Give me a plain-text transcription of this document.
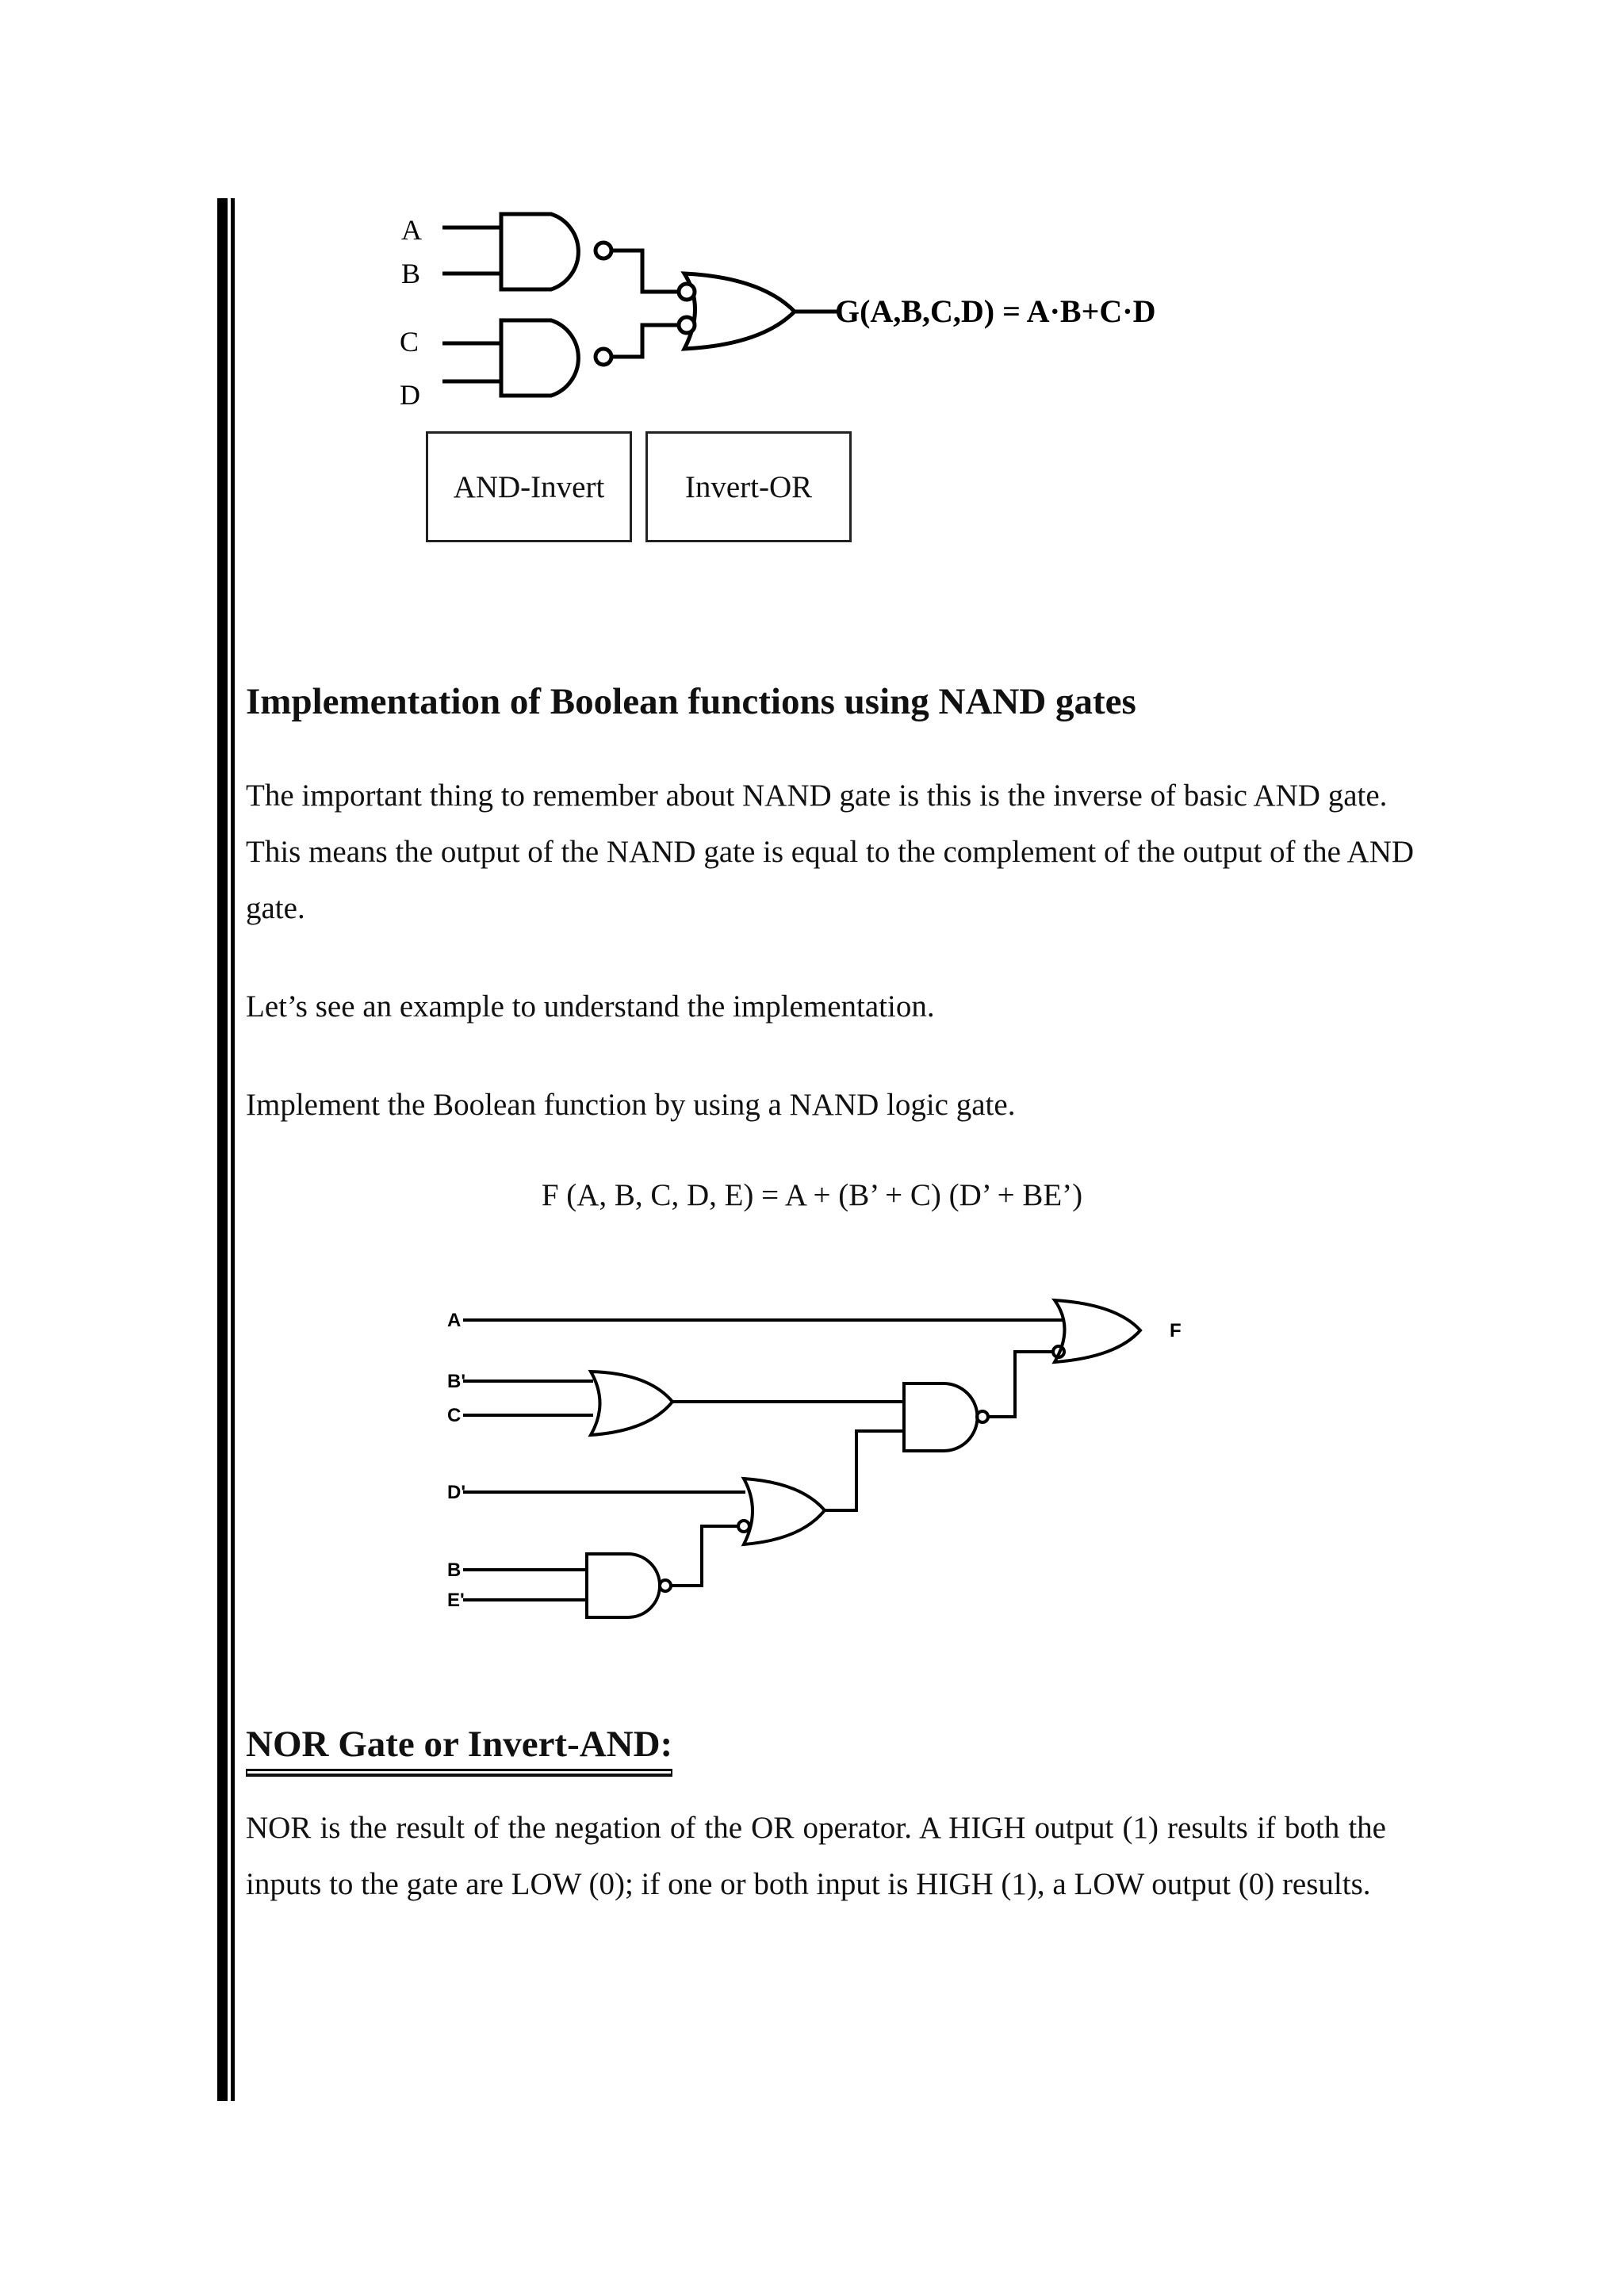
A
B
C
D
G(A,B,C,D) = A·B+C·D
AND-Invert	Invert-OR
Implementation of Boolean functions using NAND gates

The important thing to remember about NAND gate is this is the inverse of basic AND gate. This means the output of the NAND gate is equal to the complement of the output of the AND gate.

Let’s see an example to understand the implementation.

Implement the Boolean function by using a NAND logic gate.

F (A, B, C, D, E) = A + (B’ + C) (D’ + BE’)

A
B'
C
D'
B
E'
F
NOR Gate or Invert-AND:

NOR is the result of the negation of the OR operator. A HIGH output (1) results if both the inputs to the gate are LOW (0); if one or both input is HIGH (1), a LOW output (0) results.
